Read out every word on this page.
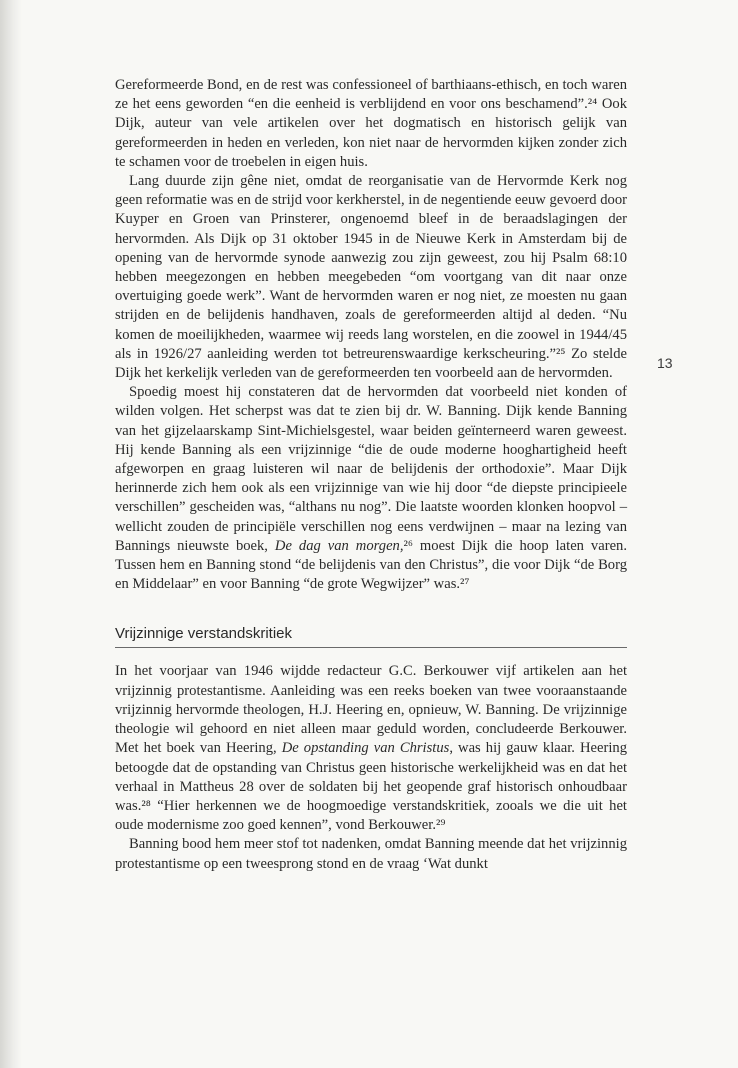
Gereformeerde Bond, en de rest was confessioneel of barthiaans-ethisch, en toch waren ze het eens geworden “en die eenheid is verblijdend en voor ons beschamend”.²⁴ Ook Dijk, auteur van vele artikelen over het dogmatisch en historisch gelijk van gereformeerden in heden en verleden, kon niet naar de hervormden kijken zonder zich te schamen voor de troebelen in eigen huis.

Lang duurde zijn gêne niet, omdat de reorganisatie van de Hervormde Kerk nog geen reformatie was en de strijd voor kerkherstel, in de negentiende eeuw gevoerd door Kuyper en Groen van Prinsterer, ongenoemd bleef in de beraadslagingen der hervormden. Als Dijk op 31 oktober 1945 in de Nieuwe Kerk in Amsterdam bij de opening van de hervormde synode aanwezig zou zijn geweest, zou hij Psalm 68:10 hebben meegezongen en hebben meegebeden “om voortgang van dit naar onze overtuiging goede werk”. Want de hervormden waren er nog niet, ze moesten nu gaan strijden en de belijdenis handhaven, zoals de gereformeerden altijd al deden. “Nu komen de moeilijkheden, waarmee wij reeds lang worstelen, en die zoowel in 1944/45 als in 1926/27 aanleiding werden tot betreurenswaardige kerkscheuring.”²⁵ Zo stelde Dijk het kerkelijk verleden van de gereformeerden ten voorbeeld aan de hervormden.

Spoedig moest hij constateren dat de hervormden dat voorbeeld niet konden of wilden volgen. Het scherpst was dat te zien bij dr. W. Banning. Dijk kende Banning van het gijzelaarskamp Sint-Michielsgestel, waar beiden geïnterneerd waren geweest. Hij kende Banning als een vrijzinnige “die de oude moderne hooghartigheid heeft afgeworpen en graag luisteren wil naar de belijdenis der orthodoxie”. Maar Dijk herinnerde zich hem ook als een vrijzinnige van wie hij door “de diepste principieele verschillen” gescheiden was, “althans nu nog”. Die laatste woorden klonken hoopvol – wellicht zouden de principiële verschillen nog eens verdwijnen – maar na lezing van Bannings nieuwste boek, De dag van morgen,²⁶ moest Dijk die hoop laten varen. Tussen hem en Banning stond “de belijdenis van den Christus”, die voor Dijk “de Borg en Middelaar” en voor Banning “de grote Wegwijzer” was.²⁷

Vrijzinnige verstandskritiek

In het voorjaar van 1946 wijdde redacteur G.C. Berkouwer vijf artikelen aan het vrijzinnig protestantisme. Aanleiding was een reeks boeken van twee vooraanstaande vrijzinnig hervormde theologen, H.J. Heering en, opnieuw, W. Banning. De vrijzinnige theologie wil gehoord en niet alleen maar geduld worden, concludeerde Berkouwer. Met het boek van Heering, De opstanding van Christus, was hij gauw klaar. Heering betoogde dat de opstanding van Christus geen historische werkelijkheid was en dat het verhaal in Mattheus 28 over de soldaten bij het geopende graf historisch onhoudbaar was.²⁸ “Hier herkennen we de hoogmoedige verstandskritiek, zooals we die uit het oude modernisme zoo goed kennen”, vond Berkouwer.²⁹

Banning bood hem meer stof tot nadenken, omdat Banning meende dat het vrijzinnig protestantisme op een tweesprong stond en de vraag ‘Wat dunkt

13
